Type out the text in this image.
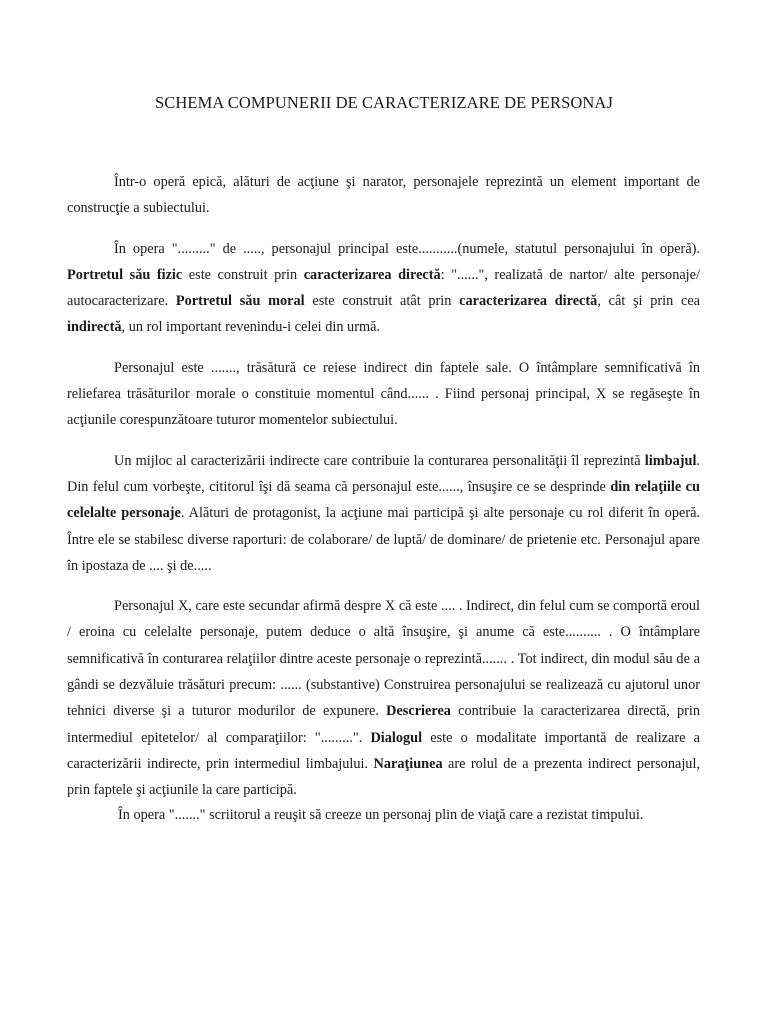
SCHEMA COMPUNERII DE CARACTERIZARE DE PERSONAJ

Într-o operă epică, alături de acţiune şi narator, personajele reprezintă un element important de construcţie a subiectului.

În opera "........." de ....., personajul principal este...........(numele, statutul personajului în operă). Portretul său fizic este construit prin caracterizarea directă: "......", realizată de nartor/ alte personaje/ autocaracterizare. Portretul său moral este construit atât prin caracterizarea directă, cât şi prin cea indirectă, un rol important revenindu-i celei din urmă.

Personajul este ......., trăsătură ce reiese indirect din faptele sale. O întâmplare semnificativă în reliefarea trăsăturilor morale o constituie momentul când...... . Fiind personaj principal, X se regăseşte în acţiunile corespunzătoare tuturor momentelor subiectului.

Un mijloc al caracterizării indirecte care contribuie la conturarea personalităţii îl reprezintă limbajul. Din felul cum vorbeşte, cititorul îşi dă seama că personajul este......, însuşire ce se desprinde din relaţiile cu celelalte personaje. Alături de protagonist, la acţiune mai participă şi alte personaje cu rol diferit în operă. Între ele se stabilesc diverse raporturi: de colaborare/ de luptă/ de dominare/ de prietenie etc. Personajul apare în ipostaza de .... şi de.....

Personajul X, care este secundar afirmă despre X că este .... . Indirect, din felul cum se comportă eroul / eroina cu celelalte personaje, putem deduce o altă însuşire, şi anume că este.......... . O întâmplare semnificativă în conturarea relaţiilor dintre aceste personaje o reprezintă....... . Tot indirect, din modul său de a gândi se dezvăluie trăsături precum: ...... (substantive) Construirea personajului se realizează cu ajutorul unor tehnici diverse şi a tuturor modurilor de expunere. Descrierea contribuie la caracterizarea directă, prin intermediul epitetelor/ al comparaţiilor: ".........". Dialogul este o modalitate importantă de realizare a caracterizării indirecte, prin intermediul limbajului. Naraţiunea are rolul de a prezenta indirect personajul, prin faptele şi acţiunile la care participă.

În opera "......." scriitorul a reuşit să creeze un personaj plin de viaţă care a rezistat timpului.
